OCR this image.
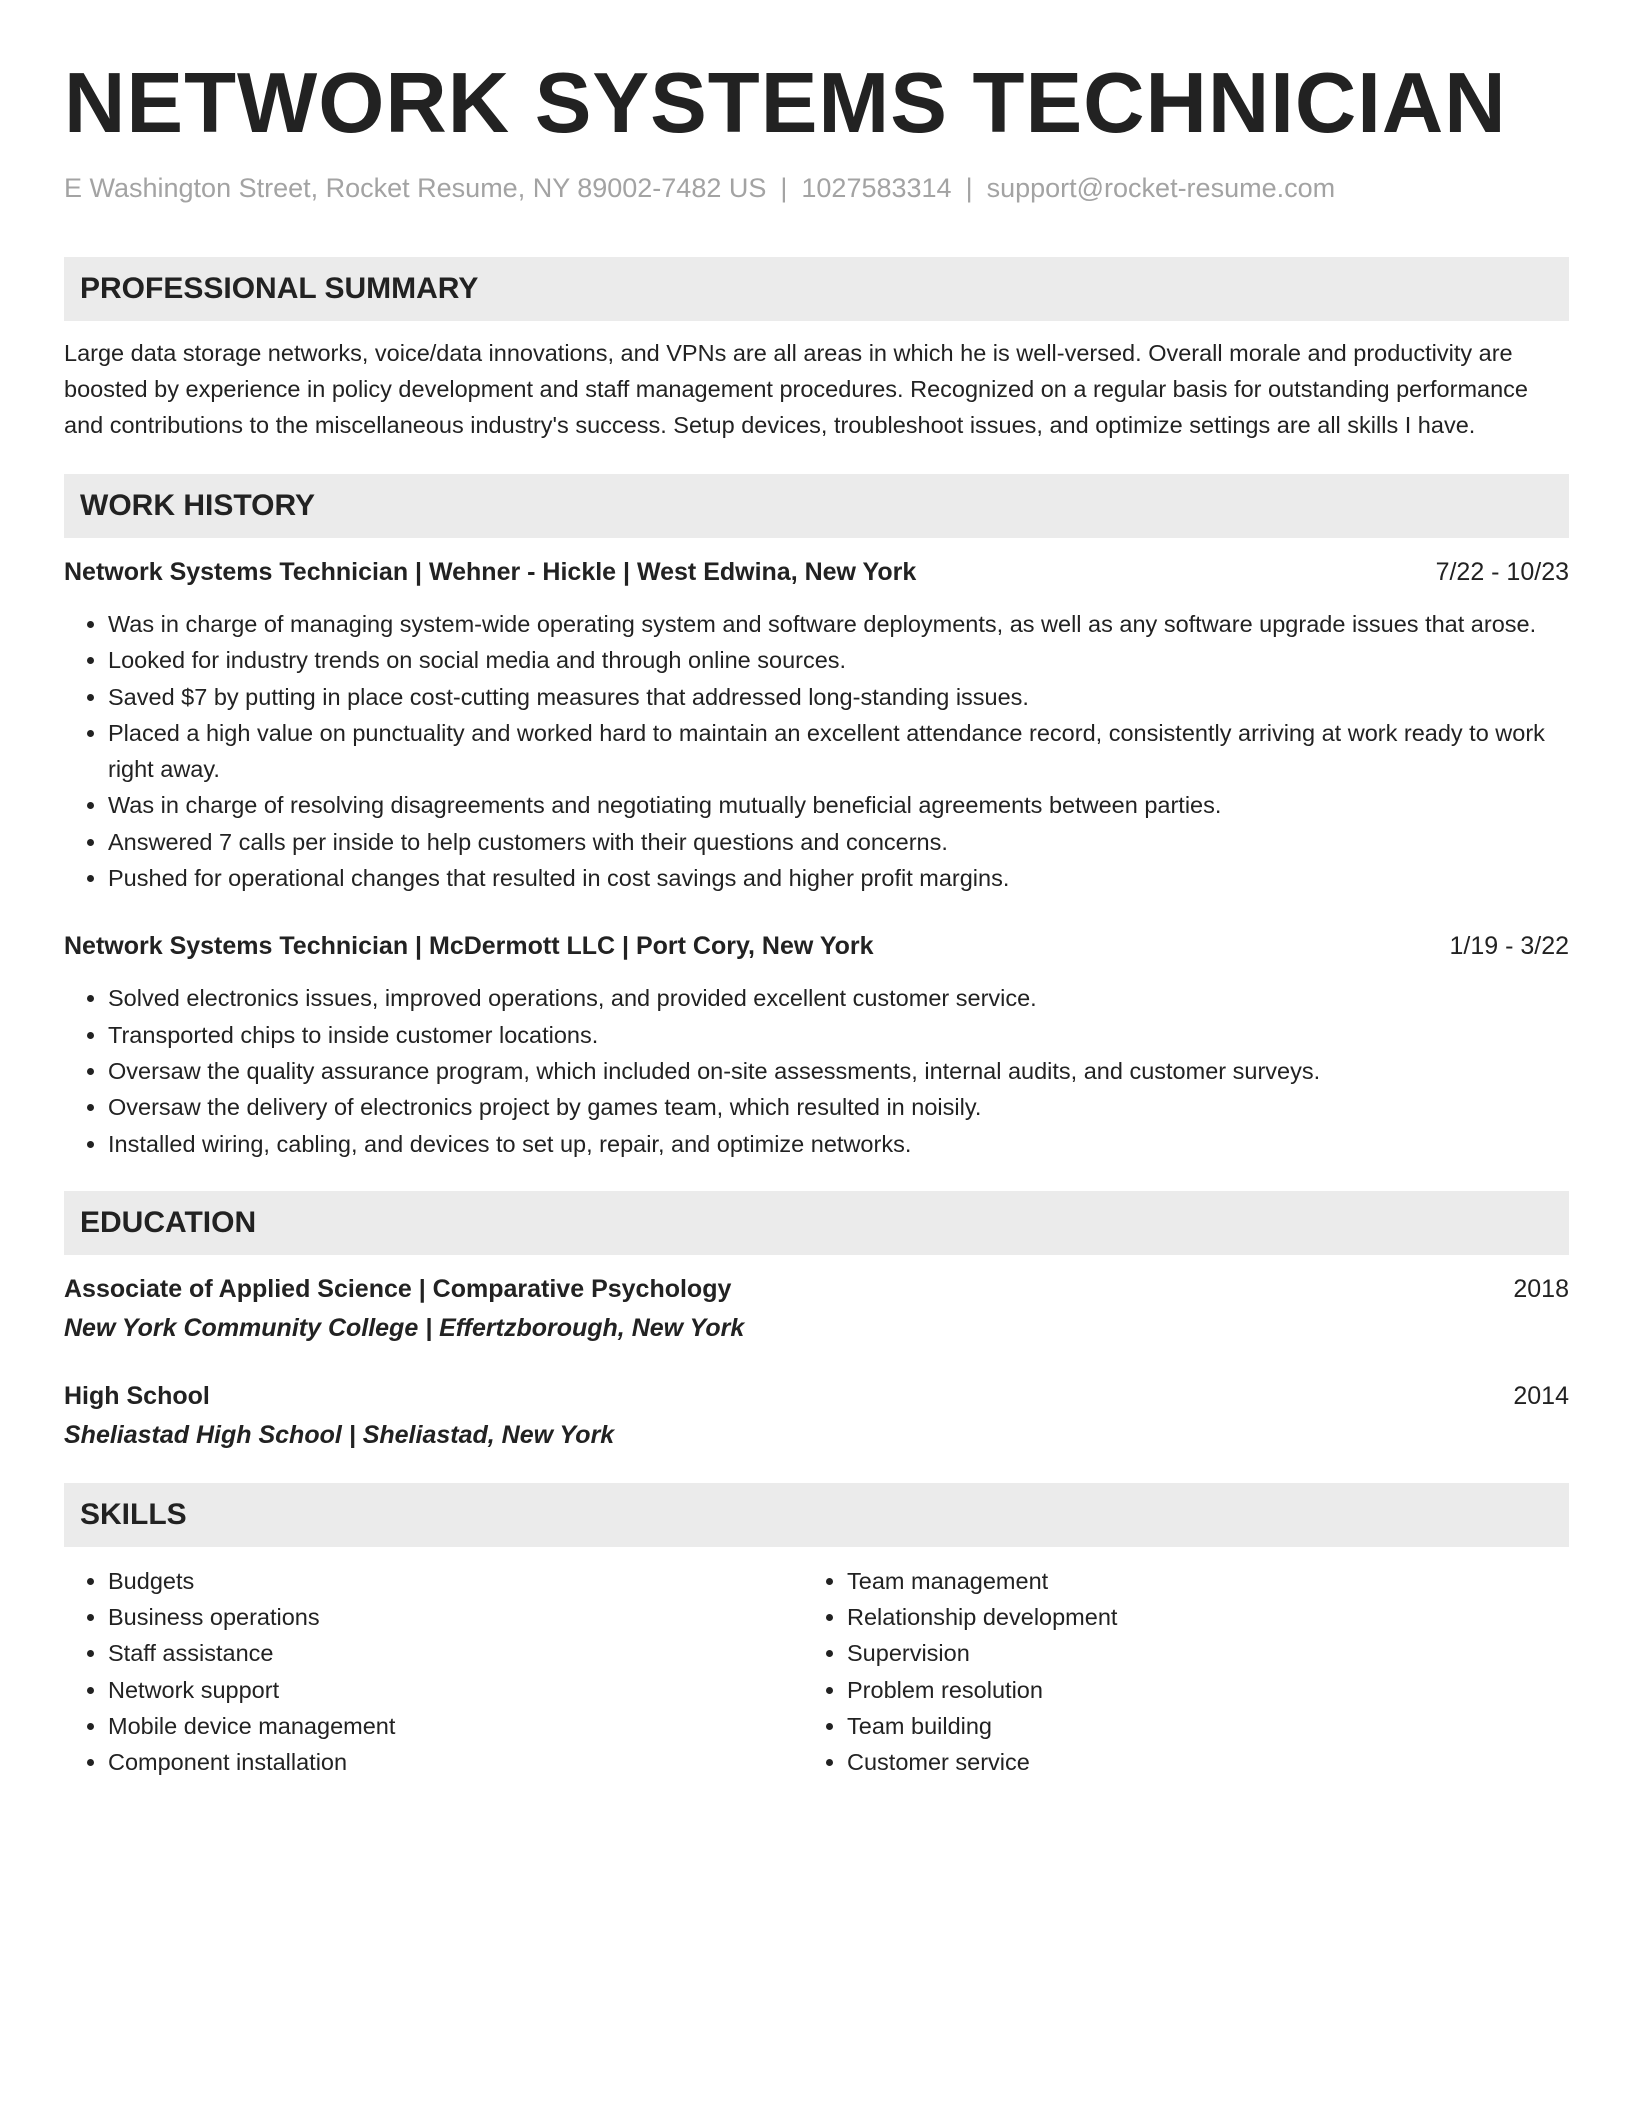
NETWORK SYSTEMS TECHNICIAN
E Washington Street, Rocket Resume, NY 89002-7482 US | 1027583314 | support@rocket-resume.com
PROFESSIONAL SUMMARY

Large data storage networks, voice/data innovations, and VPNs are all areas in which he is well-versed. Overall morale and productivity are boosted by experience in policy development and staff management procedures. Recognized on a regular basis for outstanding performance and contributions to the miscellaneous industry's success. Setup devices, troubleshoot issues, and optimize settings are all skills I have.

WORK HISTORY
Network Systems Technician | Wehner - Hickle | West Edwina, New York	7/22 - 10/23
• Was in charge of managing system-wide operating system and software deployments, as well as any software upgrade issues that arose.
• Looked for industry trends on social media and through online sources.
• Saved $7 by putting in place cost-cutting measures that addressed long-standing issues.
• Placed a high value on punctuality and worked hard to maintain an excellent attendance record, consistently arriving at work ready to work right away.
• Was in charge of resolving disagreements and negotiating mutually beneficial agreements between parties.
• Answered 7 calls per inside to help customers with their questions and concerns.
• Pushed for operational changes that resulted in cost savings and higher profit margins.
Network Systems Technician | McDermott LLC | Port Cory, New York	1/19 - 3/22
• Solved electronics issues, improved operations, and provided excellent customer service.
• Transported chips to inside customer locations.
• Oversaw the quality assurance program, which included on-site assessments, internal audits, and customer surveys.
• Oversaw the delivery of electronics project by games team, which resulted in noisily.
• Installed wiring, cabling, and devices to set up, repair, and optimize networks.
EDUCATION
Associate of Applied Science | Comparative Psychology	2018
New York Community College | Effertzborough, New York
High School	2014
Sheliastad High School | Sheliastad, New York
SKILLS
• Budgets
• Business operations
• Staff assistance
• Network support
• Mobile device management
• Component installation
• Team management
• Relationship development
• Supervision
• Problem resolution
• Team building
• Customer service
